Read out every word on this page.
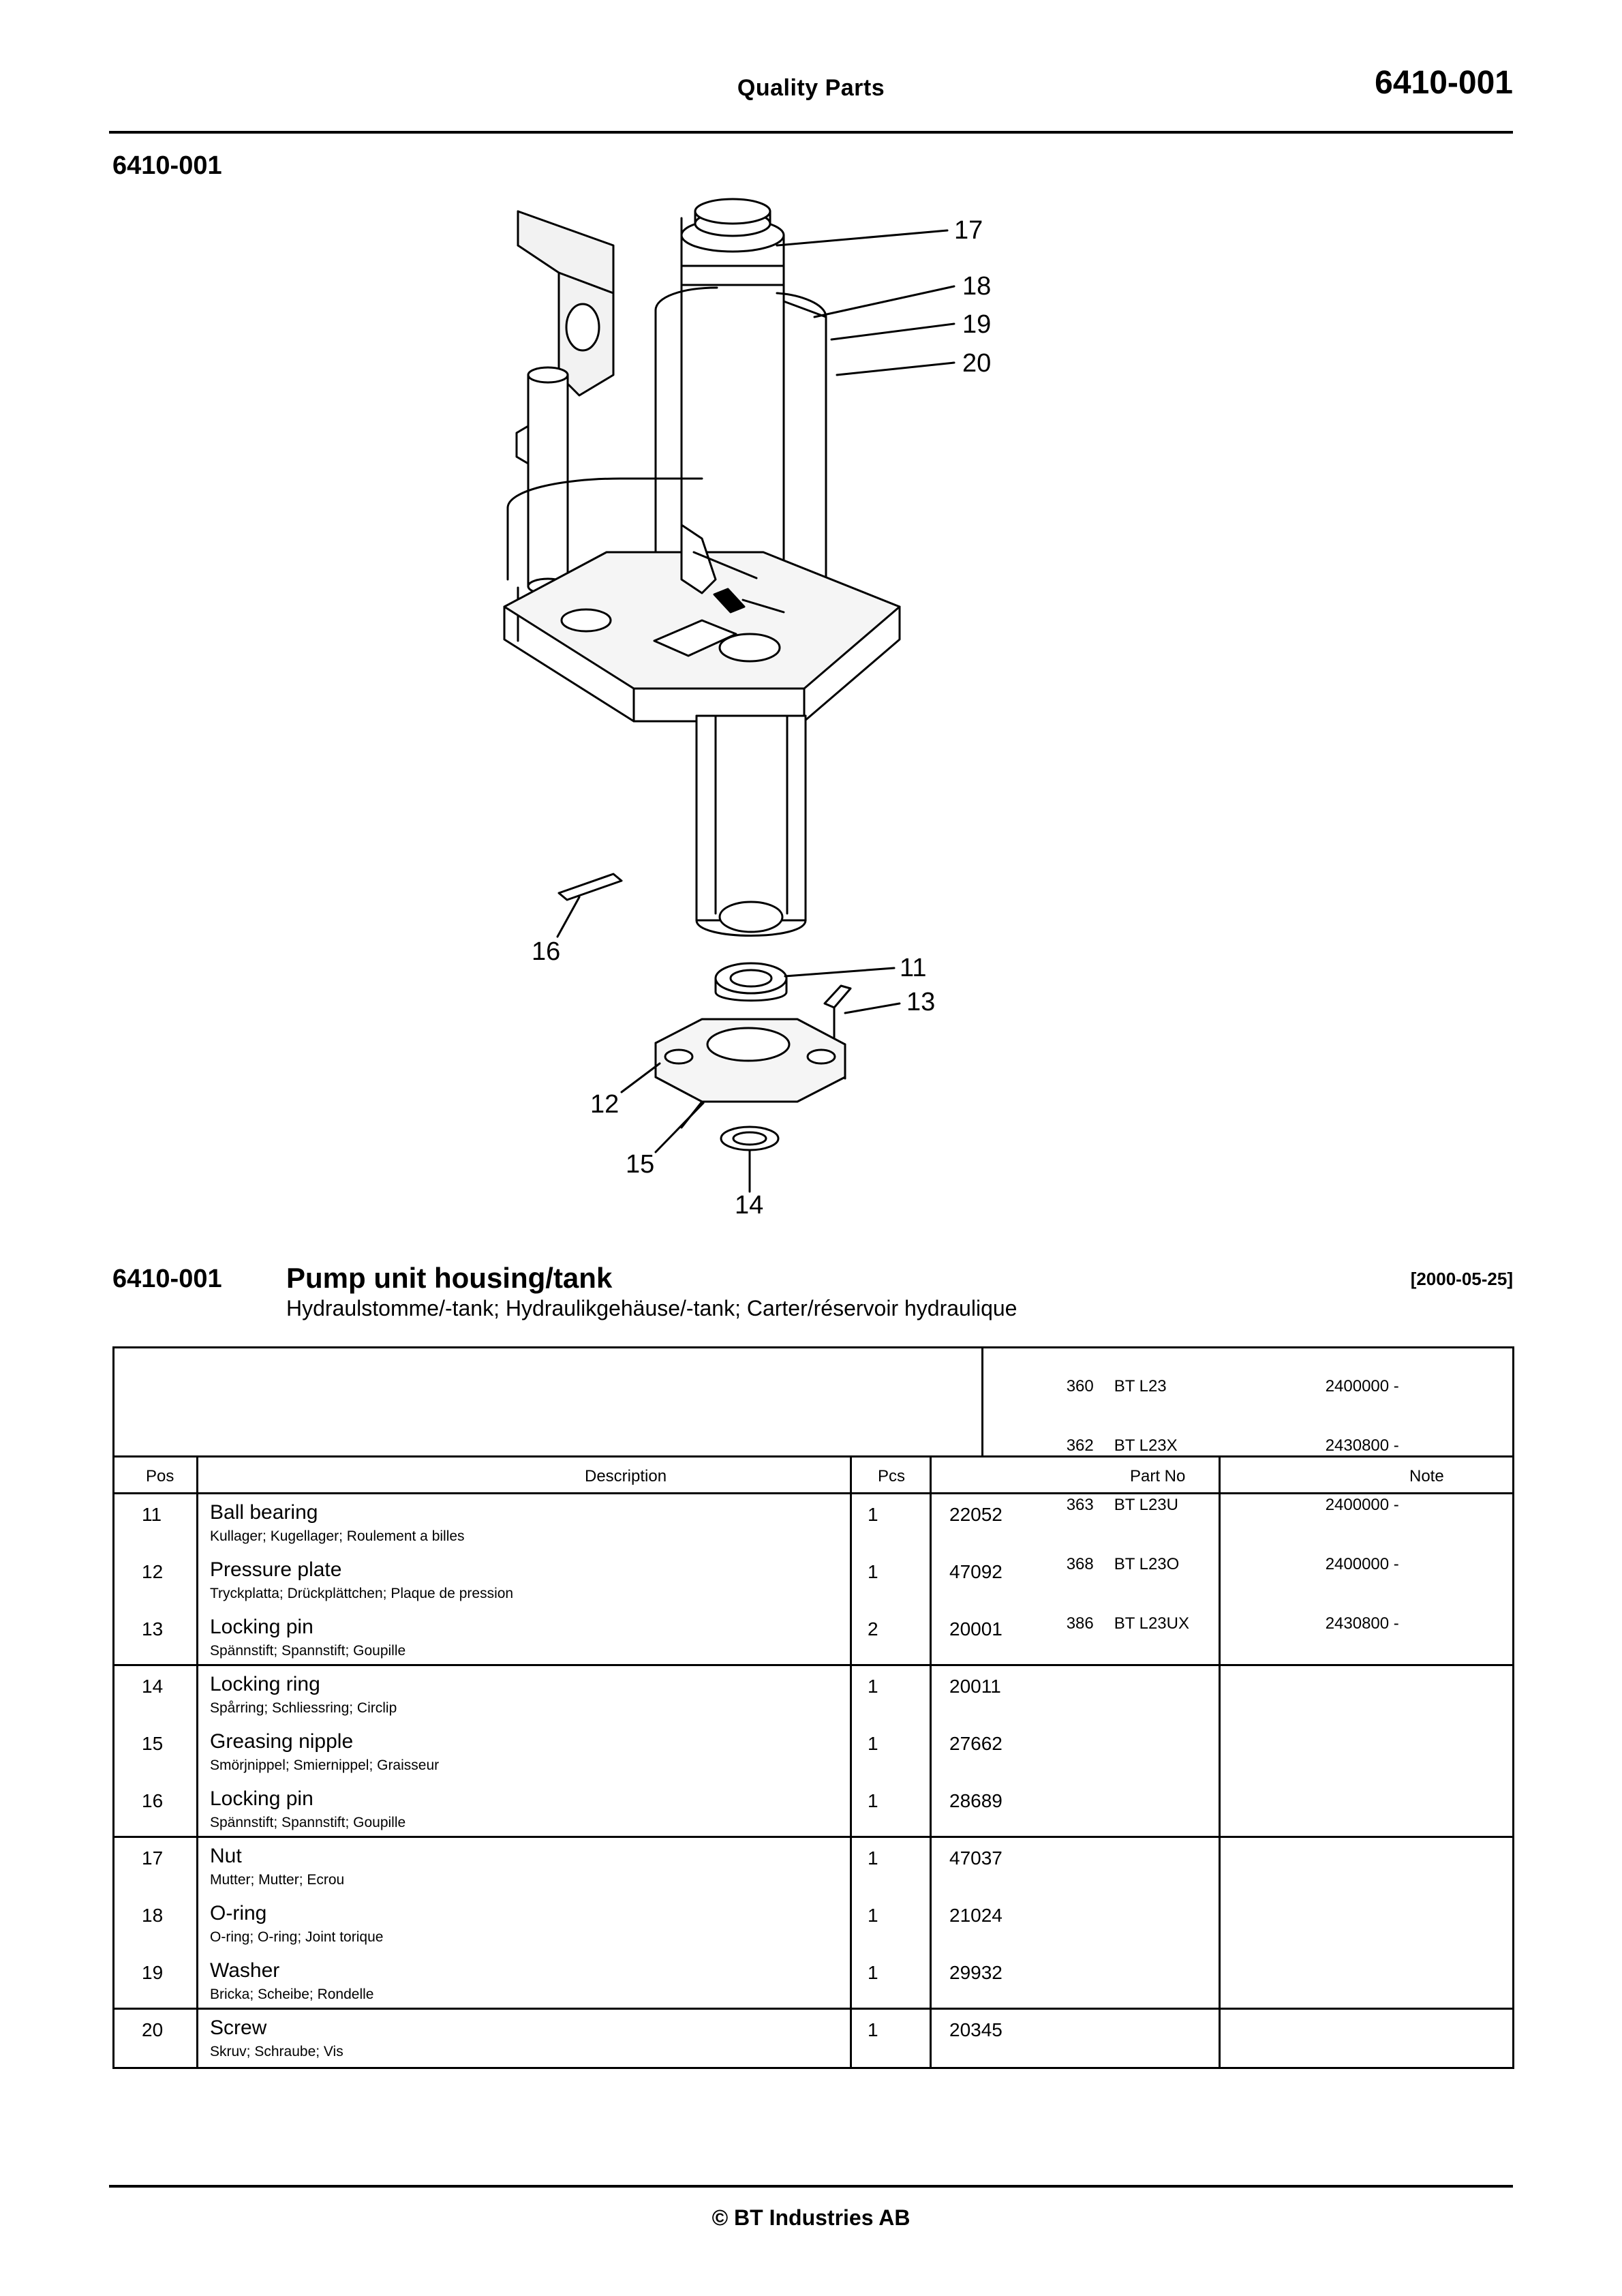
Quality Parts	6410-001
6410-001
17
18
19
20
11
13
16
12
15
14
6410-001 Pump unit housing/tank	[2000-05-25]
Hydraulstomme/-tank; Hydraulikgehäuse/-tank; Carter/réservoir hydraulique

360 BT L23	2400000 -

362 BT L23X	2430800 -

363 BT L23U	2400000 -

368 BT L23O	2400000 -

386 BT L23UX	2430800 -

Pos	Description	Pcs	Part No	Note
11 Ball bearing
Kullager; Kugellager; Roulement a billes
1	22052
12 Pressure plate
Tryckplatta; Drückplättchen; Plaque de pression
1	47092
13 Locking pin
Spännstift; Spannstift; Goupille
2	20001
14 Locking ring
Spårring; Schliessring; Circlip
1	20011
15 Greasing nipple
Smörjnippel; Smiernippel; Graisseur
1	27662
16 Locking pin
Spännstift; Spannstift; Goupille
1	28689
17 Nut
Mutter; Mutter; Ecrou
1	47037
18 O-ring
O-ring; O-ring; Joint torique
1	21024
19 Washer
Bricka; Scheibe; Rondelle
1	29932
20 Screw
Skruv; Schraube; Vis
1	20345
© BT Industries AB
